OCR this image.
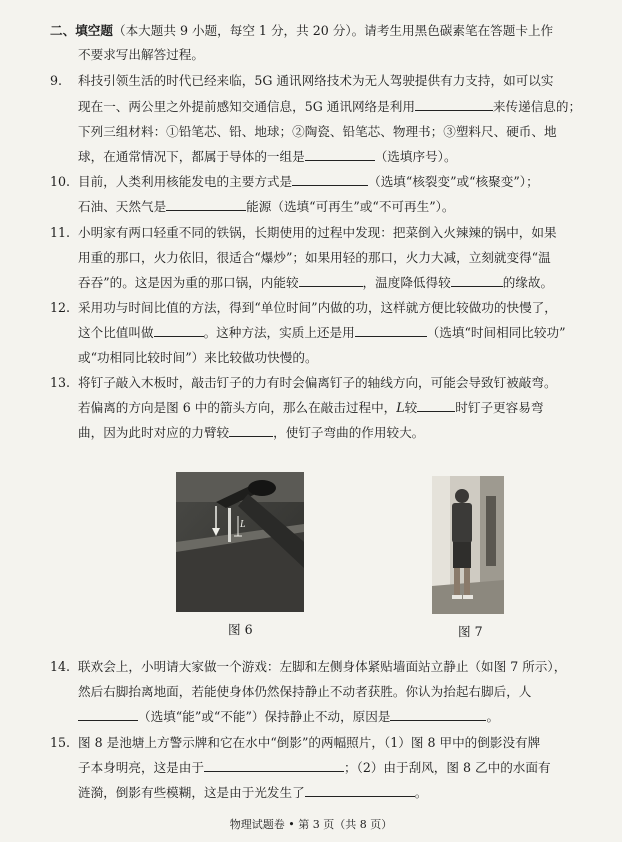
二、填空题（本大题共 9 小题，每空 1 分，共 20 分）。请考生用黑色碳素笔在答题卡上作
不要求写出解答过程。
9. 科技引领生活的时代已经来临，5G 通讯网络技术为无人驾驶提供有力支持，如可以实
现在一、两公里之外提前感知交通信息，5G 通讯网络是利用	来传递信息的；
下列三组材料：①铅笔芯、铅、地球；②陶瓷、铅笔芯、物理书；③塑料尺、硬币、地
球，在通常情况下，都属于导体的一组是	（选填序号）。
10. 目前，人类利用核能发电的主要方式是	（选填“核裂变”或“核聚变”）；
石油、天然气是	能源（选填“可再生”或“不可再生”）。
11. 小明家有两口轻重不同的铁锅，长期使用的过程中发现：把菜倒入火辣辣的锅中，如果
用重的那口，火力依旧，很适合“爆炒”；如果用轻的那口，火力大减，立刻就变得“温
吞吞”的。这是因为重的那口锅，内能较	，温度降低得较	的缘故。
12. 采用功与时间比值的方法，得到“单位时间”内做的功，这样就方便比较做功的快慢了，
这个比值叫做	。这种方法，实质上还是用	（选填“时间相同比较功”
或“功相同比较时间”）来比较做功快慢的。
13. 将钉子敲入木板时，敲击钉子的力有时会偏离钉子的轴线方向，可能会导致钉被敲弯。
若偏离的方向是图 6 中的箭头方向，那么在敲击过程中，L较	时钉子更容易弯
曲，因为此时对应的力臂较	，使钉子弯曲的作用较大。
L
图 6	图 7
14. 联欢会上，小明请大家做一个游戏：左脚和左侧身体紧贴墙面站立静止（如图 7 所示），
然后右脚抬离地面，若能使身体仍然保持静止不动者获胜。你认为抬起右脚后，人
（选填“能”或“不能”）保持静止不动，原因是	。
15. 图 8 是池塘上方警示牌和它在水中“倒影”的两幅照片，（1）图 8 甲中的倒影没有牌
子本身明亮，这是由于	；（2）由于刮风，图 8 乙中的水面有
涟漪，倒影有些模糊，这是由于光发生了	。
物理试题卷 • 第 3 页（共 8 页）
